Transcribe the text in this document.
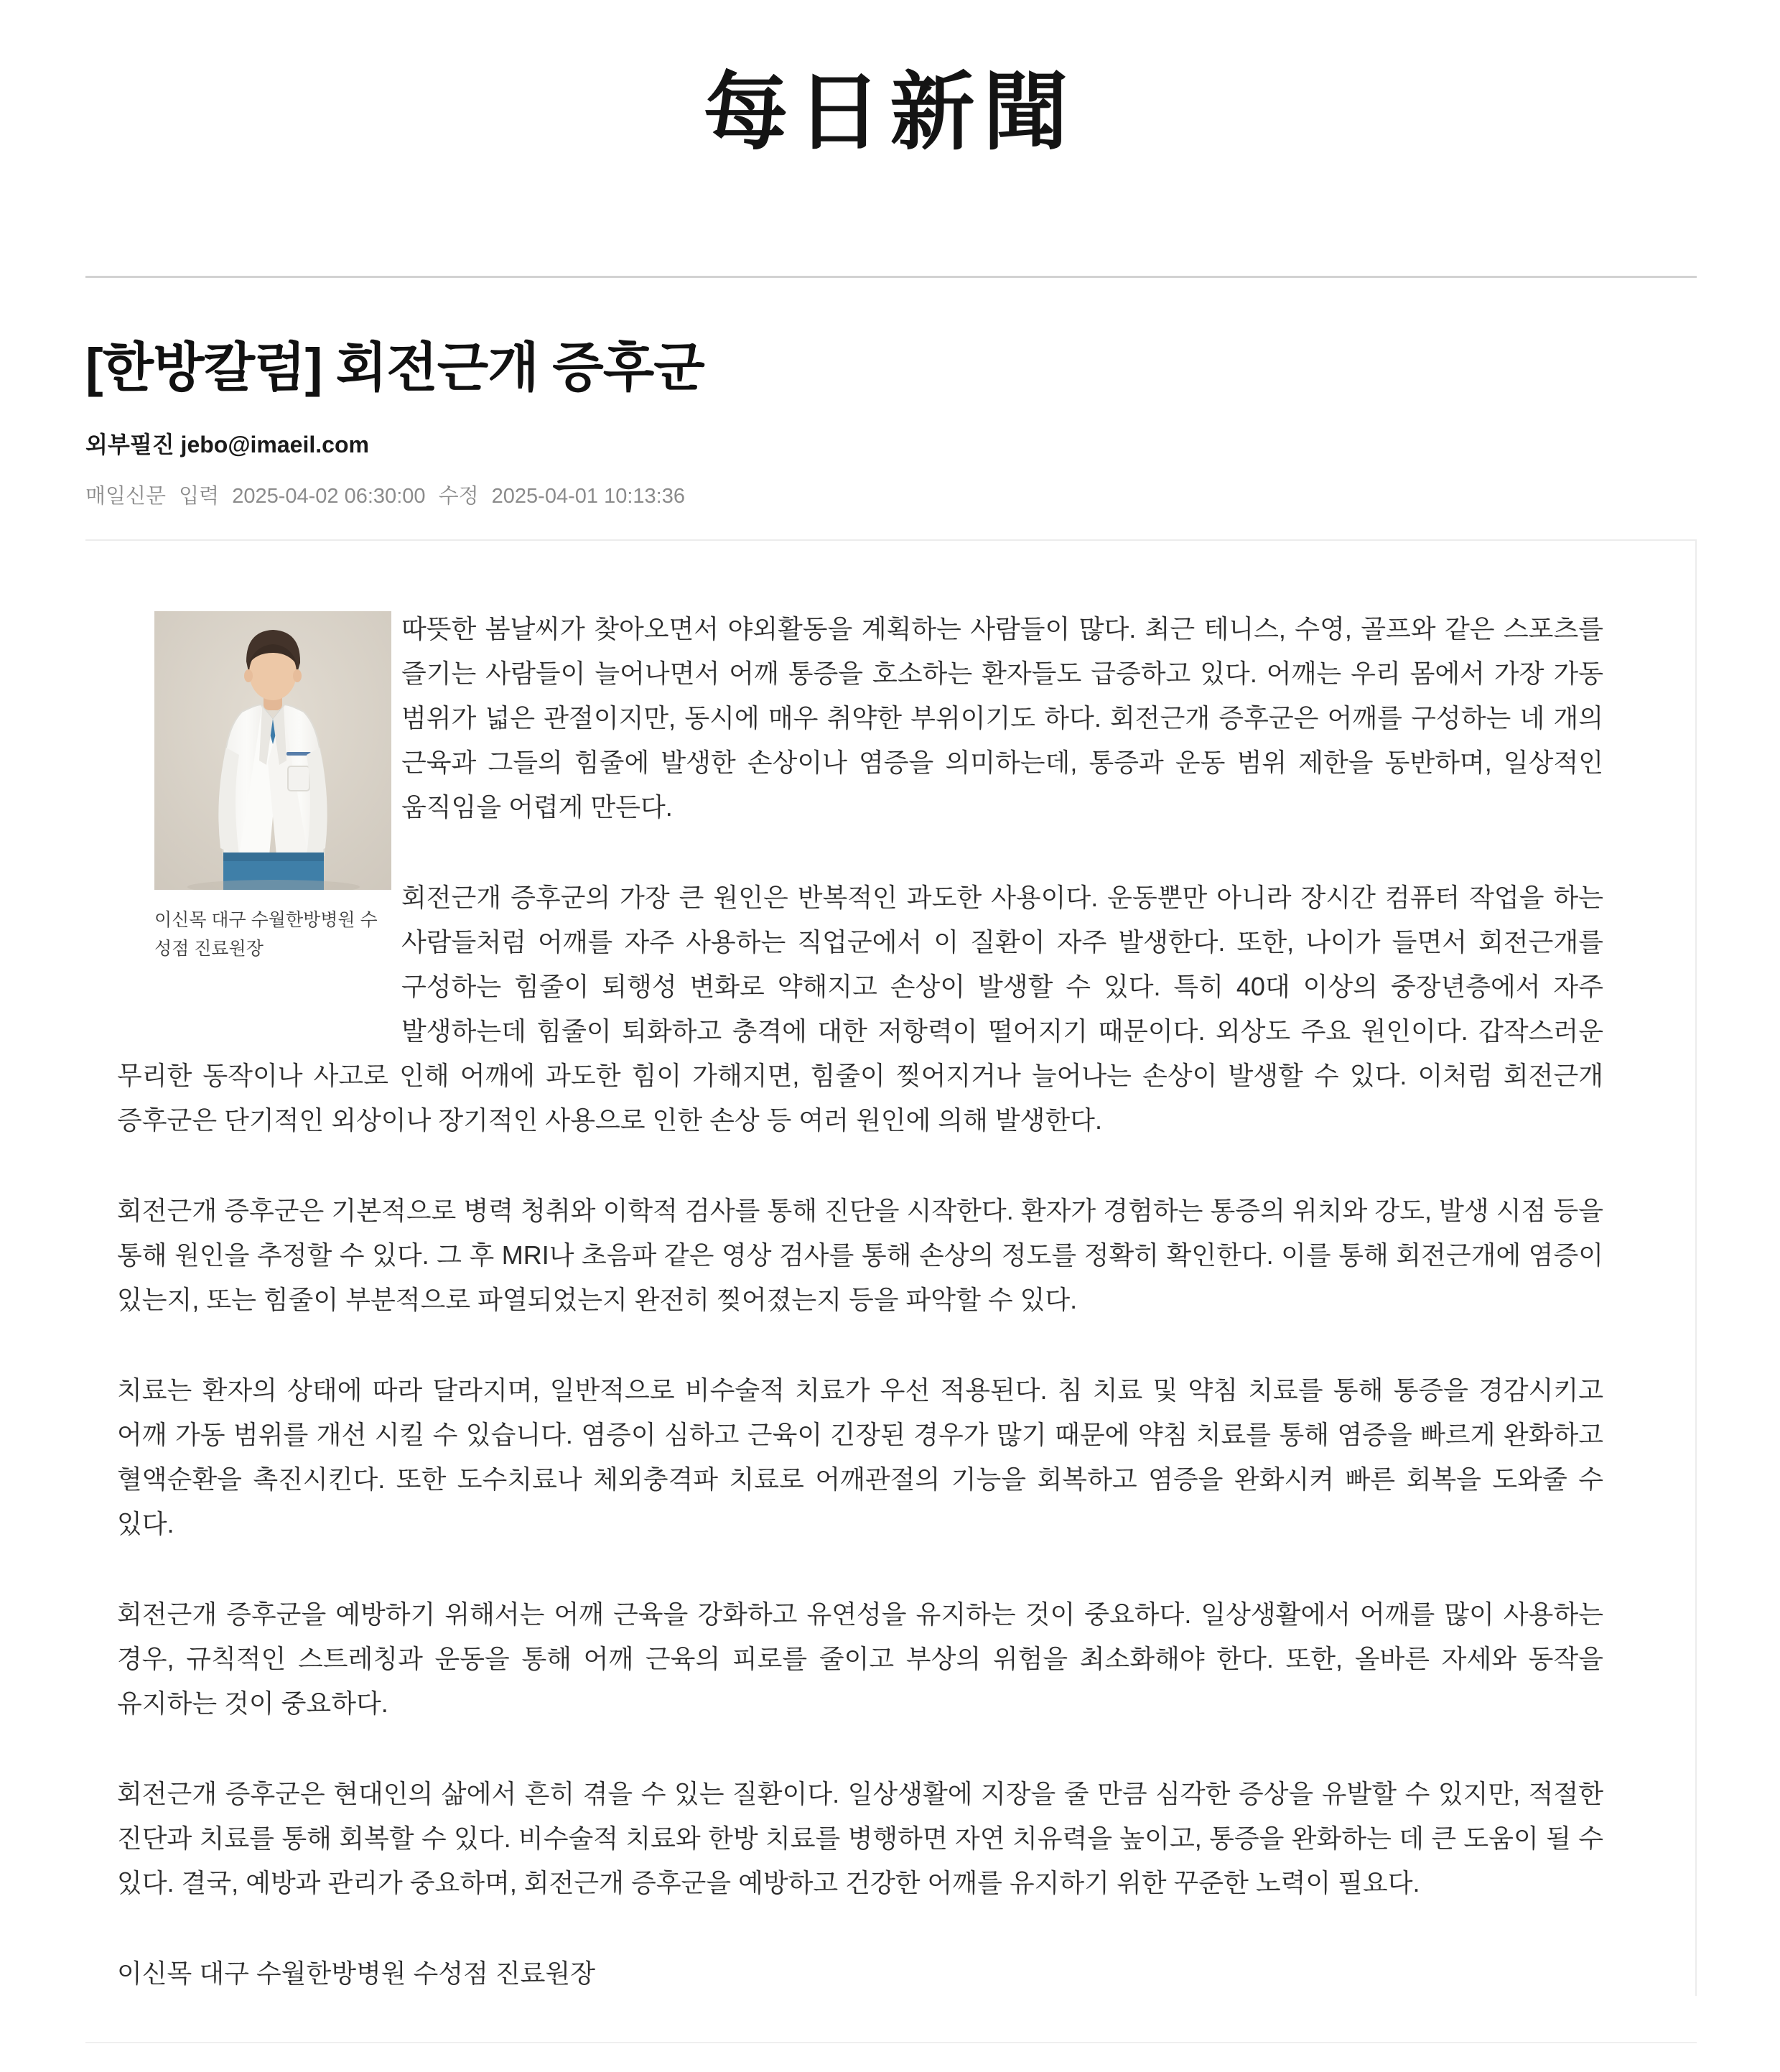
每日新聞
[한방칼럼] 회전근개 증후군
외부필진 jebo@imaeil.com
매일신문 입력 2025-04-02 06:30:00 수정 2025-04-01 10:13:36
이신목 대구 수월한방병원 수
성점 진료원장

따뜻한 봄날씨가 찾아오면서 야외활동을 계획하는 사람들이 많다. 최근 테니스, 수영, 골프와 같은 스포츠를 즐기는 사람들이 늘어나면서 어깨 통증을 호소하는 환자들도 급증하고 있다. 어깨는 우리 몸에서 가장 가동 범위가 넓은 관절이지만, 동시에 매우 취약한 부위이기도 하다. 회전근개 증후군은 어깨를 구성하는 네 개의 근육과 그들의 힘줄에 발생한 손상이나 염증을 의미하는데, 통증과 운동 범위 제한을 동반하며, 일상적인 움직임을 어렵게 만든다.

회전근개 증후군의 가장 큰 원인은 반복적인 과도한 사용이다. 운동뿐만 아니라 장시간 컴퓨터 작업을 하는 사람들처럼 어깨를 자주 사용하는 직업군에서 이 질환이 자주 발생한다. 또한, 나이가 들면서 회전근개를 구성하는 힘줄이 퇴행성 변화로 약해지고 손상이 발생할 수 있다. 특히 40대 이상의 중장년층에서 자주 발생하는데 힘줄이 퇴화하고 충격에 대한 저항력이 떨어지기 때문이다. 외상도 주요 원인이다. 갑작스러운 무리한 동작이나 사고로 인해 어깨에 과도한 힘이 가해지면, 힘줄이 찢어지거나 늘어나는 손상이 발생할 수 있다. 이처럼 회전근개 증후군은 단기적인 외상이나 장기적인 사용으로 인한 손상 등 여러 원인에 의해 발생한다.

회전근개 증후군은 기본적으로 병력 청취와 이학적 검사를 통해 진단을 시작한다. 환자가 경험하는 통증의 위치와 강도, 발생 시점 등을 통해 원인을 추정할 수 있다. 그 후 MRI나 초음파 같은 영상 검사를 통해 손상의 정도를 정확히 확인한다. 이를 통해 회전근개에 염증이 있는지, 또는 힘줄이 부분적으로 파열되었는지 완전히 찢어졌는지 등을 파악할 수 있다.

치료는 환자의 상태에 따라 달라지며, 일반적으로 비수술적 치료가 우선 적용된다. 침 치료 및 약침 치료를 통해 통증을 경감시키고 어깨 가동 범위를 개선 시킬 수 있습니다. 염증이 심하고 근육이 긴장된 경우가 많기 때문에 약침 치료를 통해 염증을 빠르게 완화하고 혈액순환을 촉진시킨다. 또한 도수치료나 체외충격파 치료로 어깨관절의 기능을 회복하고 염증을 완화시켜 빠른 회복을 도와줄 수 있다.

회전근개 증후군을 예방하기 위해서는 어깨 근육을 강화하고 유연성을 유지하는 것이 중요하다. 일상생활에서 어깨를 많이 사용하는 경우, 규칙적인 스트레칭과 운동을 통해 어깨 근육의 피로를 줄이고 부상의 위험을 최소화해야 한다. 또한, 올바른 자세와 동작을 유지하는 것이 중요하다.

회전근개 증후군은 현대인의 삶에서 흔히 겪을 수 있는 질환이다. 일상생활에 지장을 줄 만큼 심각한 증상을 유발할 수 있지만, 적절한 진단과 치료를 통해 회복할 수 있다. 비수술적 치료와 한방 치료를 병행하면 자연 치유력을 높이고, 통증을 완화하는 데 큰 도움이 될 수 있다. 결국, 예방과 관리가 중요하며, 회전근개 증후군을 예방하고 건강한 어깨를 유지하기 위한 꾸준한 노력이 필요다.

이신목 대구 수월한방병원 수성점 진료원장
